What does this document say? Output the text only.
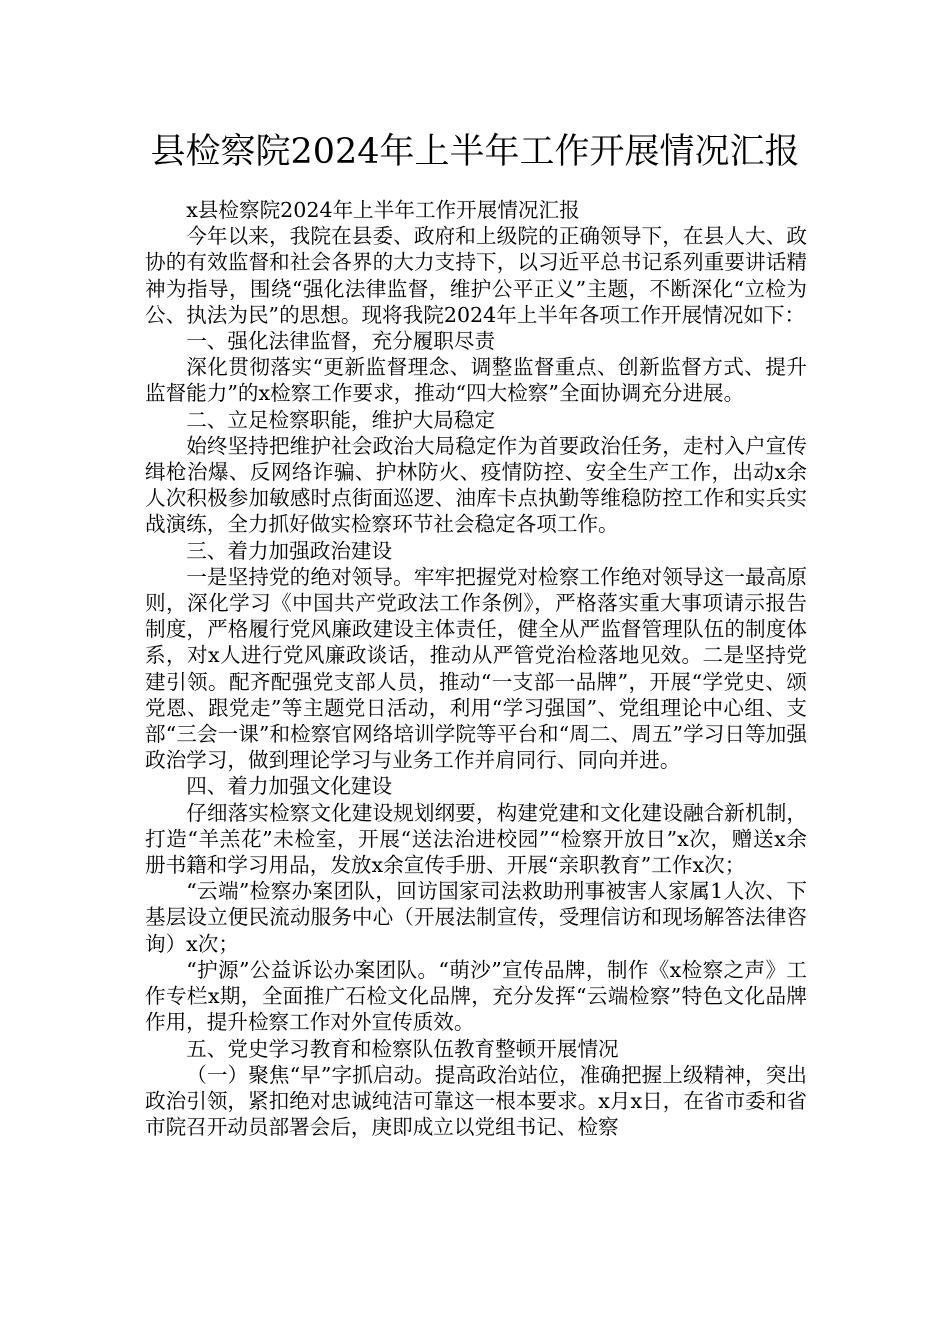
县检察院2024年上半年工作开展情况汇报

x县检察院2024年上半年工作开展情况汇报

今年以来，我院在县委、政府和上级院的正确领导下，在县人大、政协的有效监督和社会各界的大力支持下，以习近平总书记系列重要讲话精神为指导，围绕“强化法律监督，维护公平正义”主题，不断深化“立检为公、执法为民”的思想。现将我院2024年上半年各项工作开展情况如下：

一、强化法律监督，充分履职尽责

深化贯彻落实“更新监督理念、调整监督重点、创新监督方式、提升监督能力”的x检察工作要求，推动“四大检察”全面协调充分进展。

二、立足检察职能，维护大局稳定

始终坚持把维护社会政治大局稳定作为首要政治任务，走村入户宣传缉枪治爆、反网络诈骗、护林防火、疫情防控、安全生产工作，出动x余人次积极参加敏感时点街面巡逻、油库卡点执勤等维稳防控工作和实兵实战演练，全力抓好做实检察环节社会稳定各项工作。

三、着力加强政治建设

一是坚持党的绝对领导。牢牢把握党对检察工作绝对领导这一最高原则，深化学习《中国共产党政法工作条例》，严格落实重大事项请示报告制度，严格履行党风廉政建设主体责任，健全从严监督管理队伍的制度体系，对x人进行党风廉政谈话，推动从严管党治检落地见效。二是坚持党建引领。配齐配强党支部人员，推动“一支部一品牌”，开展“学党史、颂党恩、跟党走”等主题党日活动，利用“学习强国”、党组理论中心组、支部“三会一课”和检察官网络培训学院等平台和“周二、周五”学习日等加强政治学习，做到理论学习与业务工作并肩同行、同向并进。

四、着力加强文化建设

仔细落实检察文化建设规划纲要，构建党建和文化建设融合新机制，打造“羊羔花”未检室，开展“送法治进校园”“检察开放日”x次，赠送x余册书籍和学习用品，发放x余宣传手册、开展“亲职教育”工作x次；

“云端”检察办案团队，回访国家司法救助刑事被害人家属1人次、下基层设立便民流动服务中心（开展法制宣传，受理信访和现场解答法律咨询）x次；

“护源”公益诉讼办案团队。“萌沙”宣传品牌，制作《x检察之声》工作专栏x期，全面推广石检文化品牌，充分发挥“云端检察”特色文化品牌作用，提升检察工作对外宣传质效。

五、党史学习教育和检察队伍教育整顿开展情况

（一）聚焦“早”字抓启动。提高政治站位，准确把握上级精神，突出政治引领，紧扣绝对忠诚纯洁可靠这一根本要求。x月x日，在省市委和省市院召开动员部署会后，庚即成立以党组书记、检察
